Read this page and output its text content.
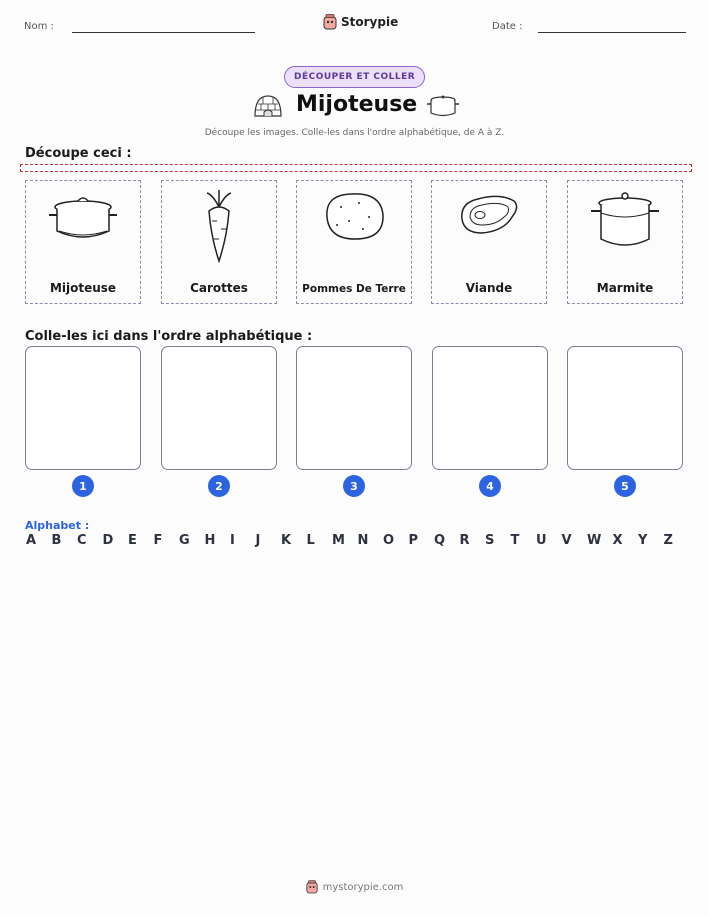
Nom :	Storypie	Date :
DÉCOUPER ET COLLER
Mijoteuse
Découpe les images. Colle-les dans l'ordre alphabétique, de A à Z.
Découpe ceci :
Mijoteuse	Carottes	Pommes De Terre	Viande	Marmite
Colle-les ici dans l'ordre alphabétique :
1	2	3	4	5
Alphabet :
A	B	C	D	E	F	G	H	I	J	K	L	M N	O	P	Q	R	S	T	U	V	W X	Y	Z
mystorypie.com
